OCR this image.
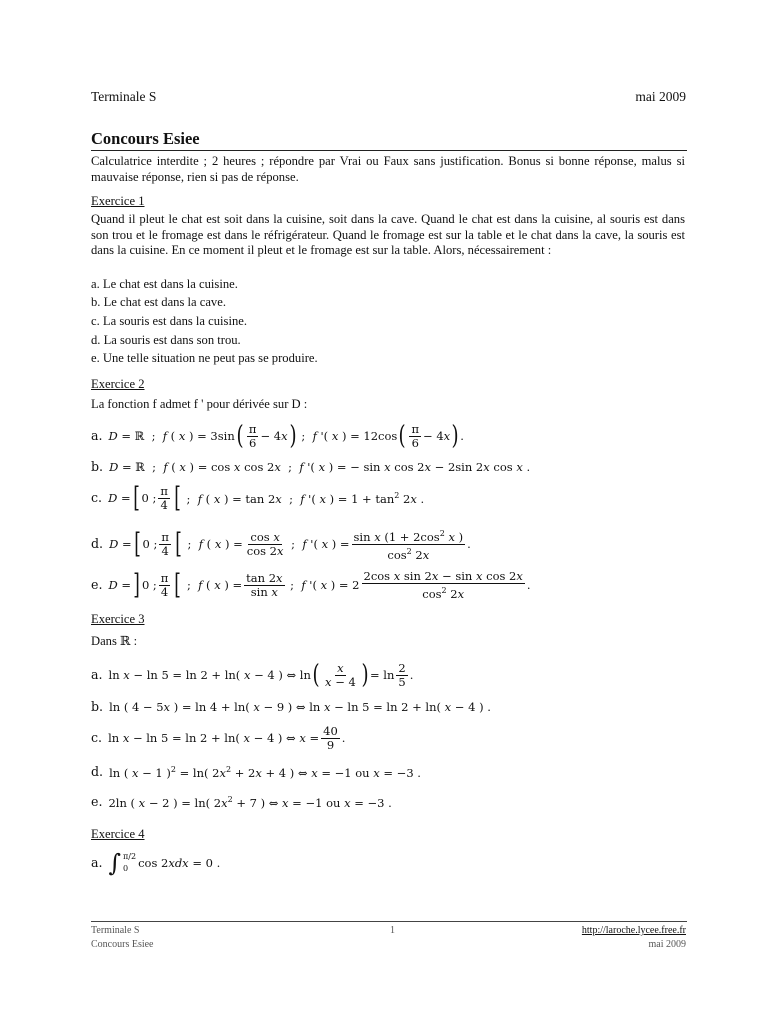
Terminale S	mai 2009
Concours Esiee
Calculatrice interdite ; 2 heures ; répondre par Vrai ou Faux sans justification. Bonus si bonne réponse, malus si mauvaise réponse, rien si pas de réponse.
Exercice 1
Quand il pleut le chat est soit dans la cuisine, soit dans la cave. Quand le chat est dans la cuisine, al souris est dans son trou et le fromage est dans le réfrigérateur. Quand le fromage est sur la table et le chat dans la cave, la souris est dans la cuisine. En ce moment il pleut et le fromage est sur la table. Alors, nécessairement :
a. Le chat est dans la cuisine.
b. Le chat est dans la cave.
c. La souris est dans la cuisine.
d. La souris est dans son trou.
e. Une telle situation ne peut pas se produire.
Exercice 2
La fonction f admet f ' pour dérivée sur D :
a. D = ℝ  ;  f ( x ) = 3sin ( $\frac{\pi}{6} - 4x$ ) ;  f '( x ) = 12cos ( $\frac{\pi}{6} - 4x$ ) .
b. D = ℝ  ;  f ( x ) = cos x cos 2x  ;  f '( x ) = − sin x cos 2x − 2sin 2x cos x .
c. D = [ 0 ; $\frac{\pi}{4}$ [ ;  f ( x ) = tan 2x  ;  f '( x ) = $1 + \tan^2 2x$ .
d. D = [ 0 ; $\frac{\pi}{4}$ [ ;  f ( x ) = $\frac{\text{cos x}}{\cos 2x}$ ;  f '( x ) = $\frac{\sin x (1 + 2\cos^2 x )}{\cos^2 2x}$ .
e. D = ] 0 ; $\frac{\pi}{4}$ [ ;  f ( x ) = $\frac{\tan 2x}{\text{sin x}}$ ;  f '( x ) = $2 \frac{\text{2cos x sin 2x − sin x cos 2x}}{\cos^2 2x}$ .
Exercice 3
Dans ℝ :
a. ln x − ln 5 = ln 2 + ln( x − 4 ) ⇔ ln ( $\frac{x}{x - 4}$ ) = $\ln \frac{2}{5}$ .
b. ln ( 4 − 5x ) = ln 4 + ln( x − 9 ) ⇔ ln x − ln 5 = ln 2 + ln( x − 4 ) .
c. ln x − ln 5 = ln 2 + ln( x − 4 ) ⇔ $x = \frac{40}{9}$ .
d. ln ( x − 1 )$^2$ = ln( $2x^2 + 2x + 4$ ) ⇔ x = −1 ou x = −3 .
e. 2ln ( x − 2 ) = ln( $2x^2 + 7$ ) ⇔ x = −1 ou x = −3 .
Exercice 4
a. ∫ π/2
0 cos 2xdx = 0 .
Terminale S	1	http://laroche.lycee.free.fr
Concours Esiee	mai 2009
